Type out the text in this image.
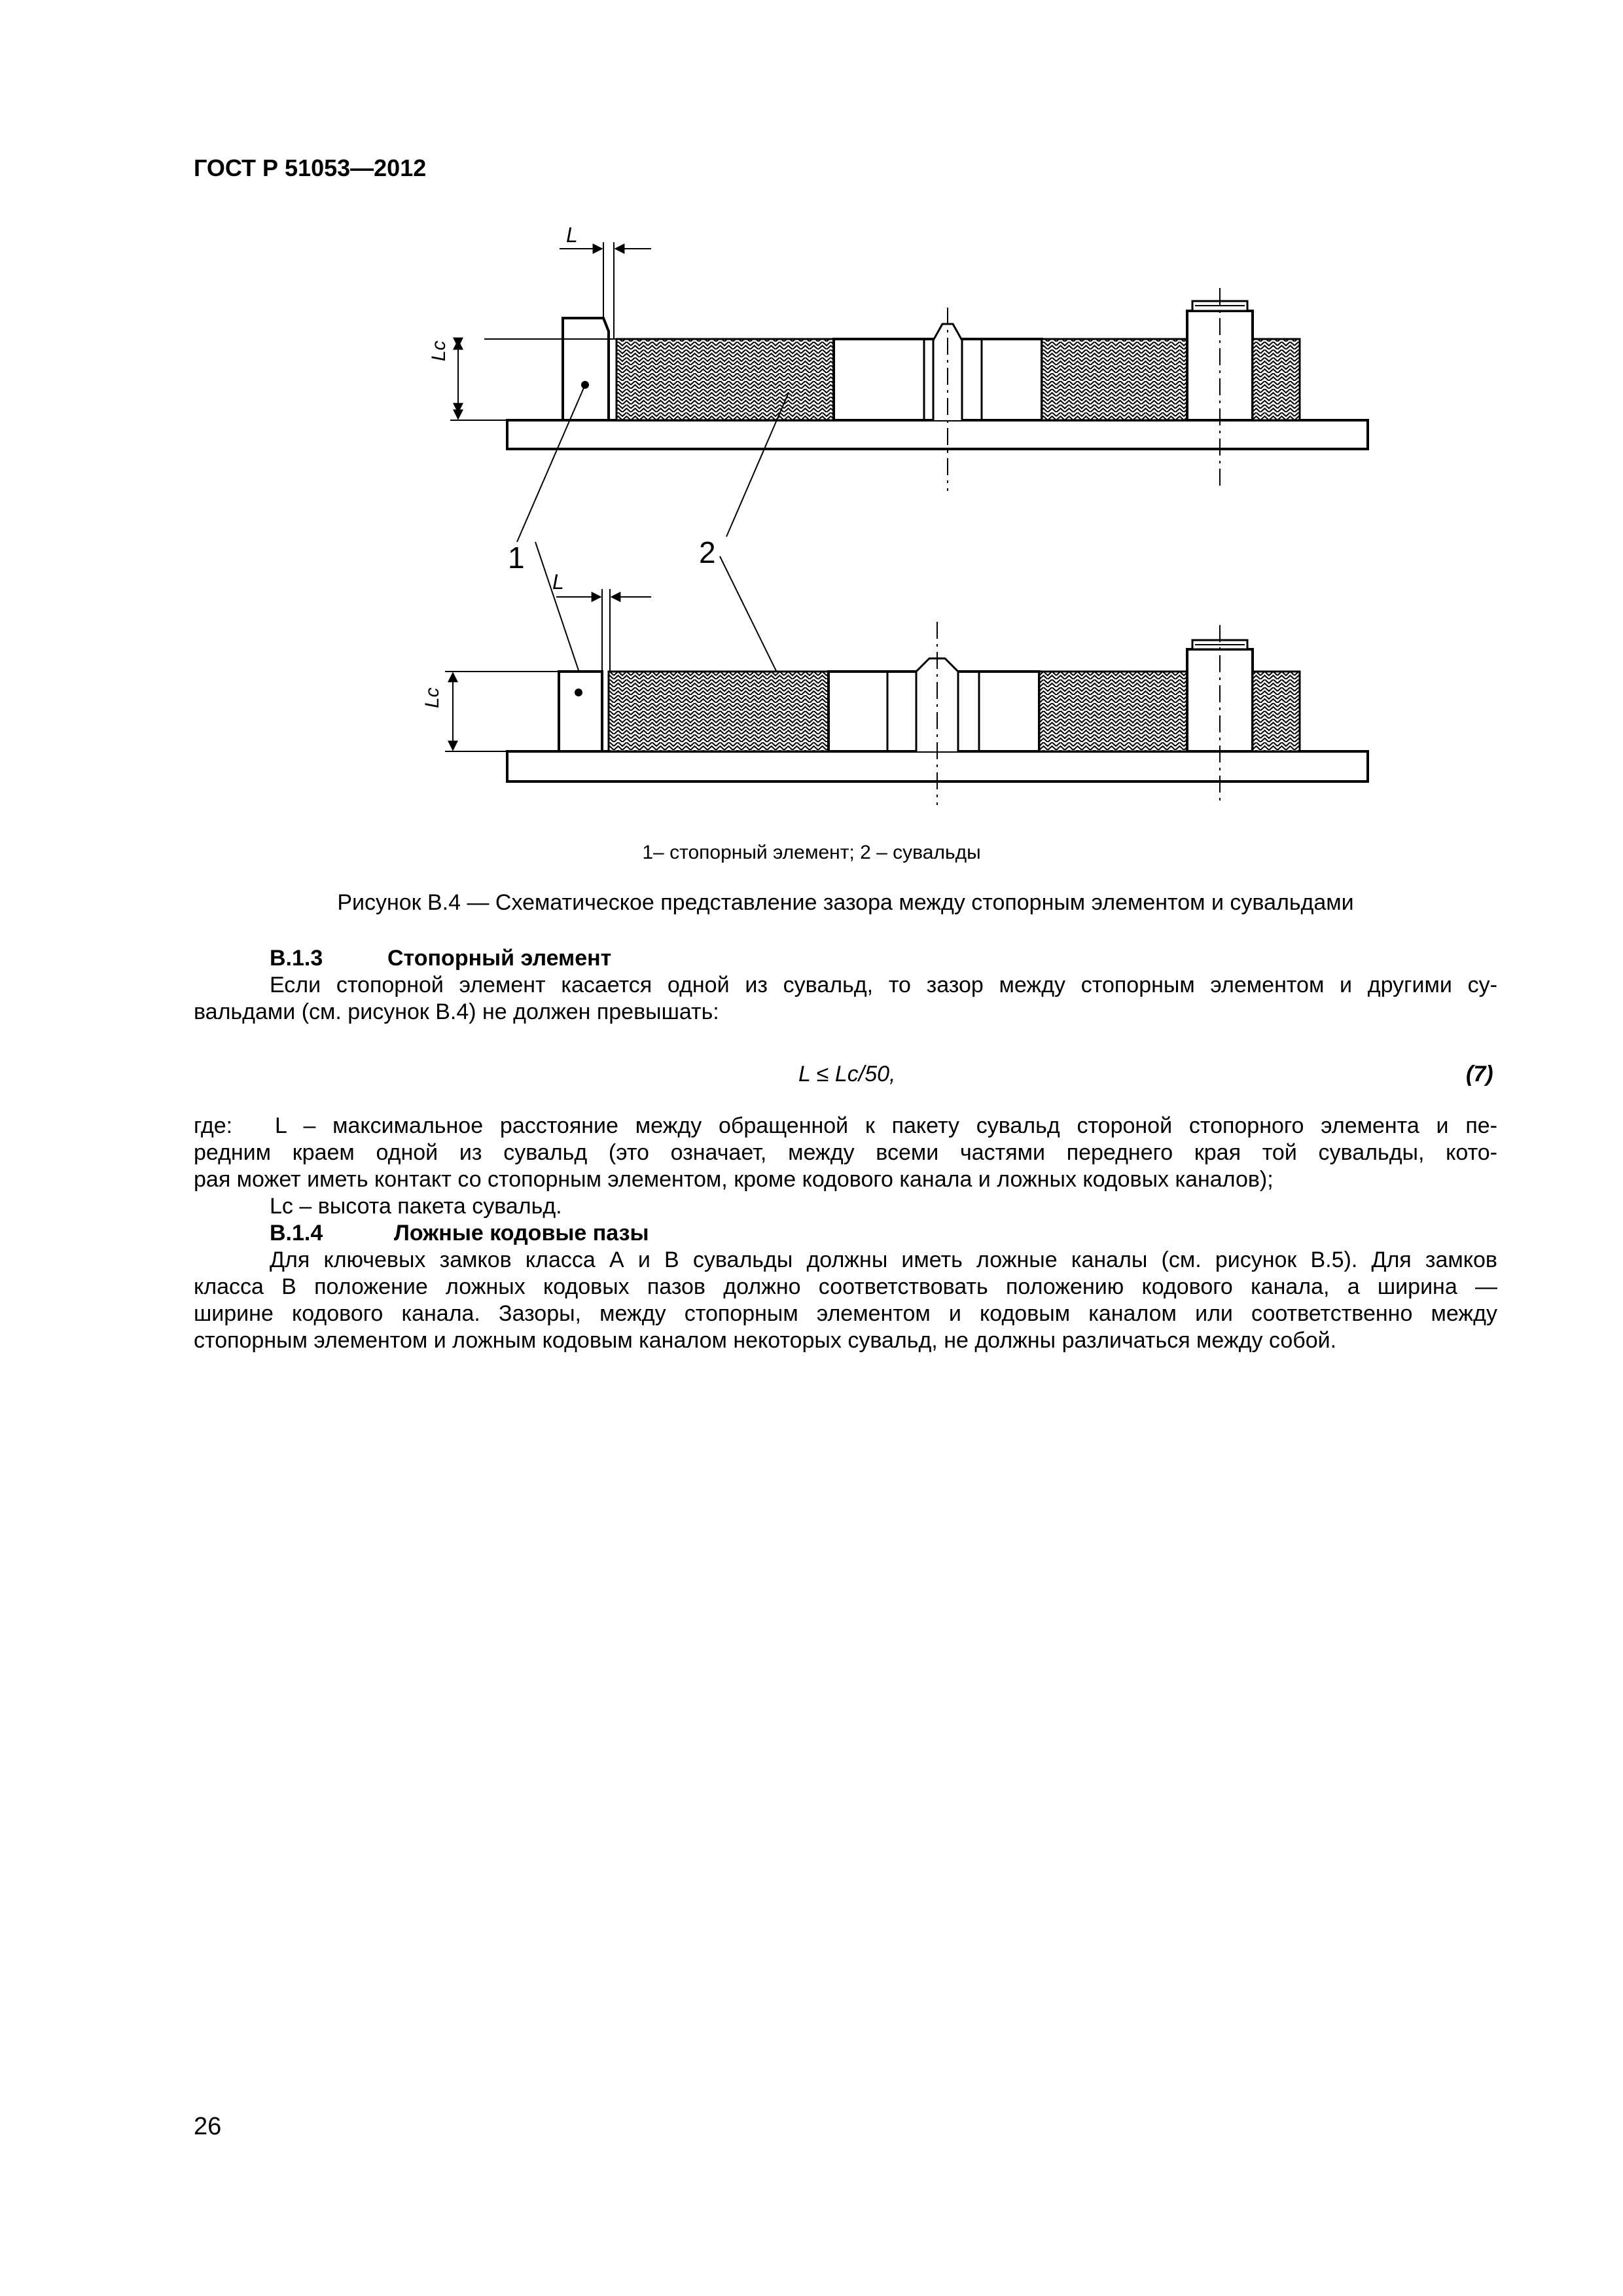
ГОСТ Р 51053—2012
Lc
L
1	2
Lc
L
1– стопорный элемент; 2 – сувальды
Рисунок В.4 — Схематическое представление зазора между стопорным элементом и сувальдами
В.1.3	Стопорный элемент
Если стопорной элемент касается одной из сувальд, то зазор между стопорным элементом и другими су-
вальдами (см. рисунок В.4) не должен превышать:
L ≤ Lc/50,	(7)
где: L – максимальное расстояние между обращенной к пакету сувальд стороной стопорного элемента и пе-
редним краем одной из сувальд (это означает, между всеми частями переднего края той сувальды, кото-
рая может иметь контакт со стопорным элементом, кроме кодового канала и ложных кодовых каналов);
Lc – высота пакета сувальд.
В.1.4	Ложные кодовые пазы
Для ключевых замков класса А и В сувальды должны иметь ложные каналы (см. рисунок В.5). Для замков
класса В положение ложных кодовых пазов должно соответствовать положению кодового канала, а ширина —
ширине кодового канала. Зазоры, между стопорным элементом и кодовым каналом или соответственно между
стопорным элементом и ложным кодовым каналом некоторых сувальд, не должны различаться между собой.
26
